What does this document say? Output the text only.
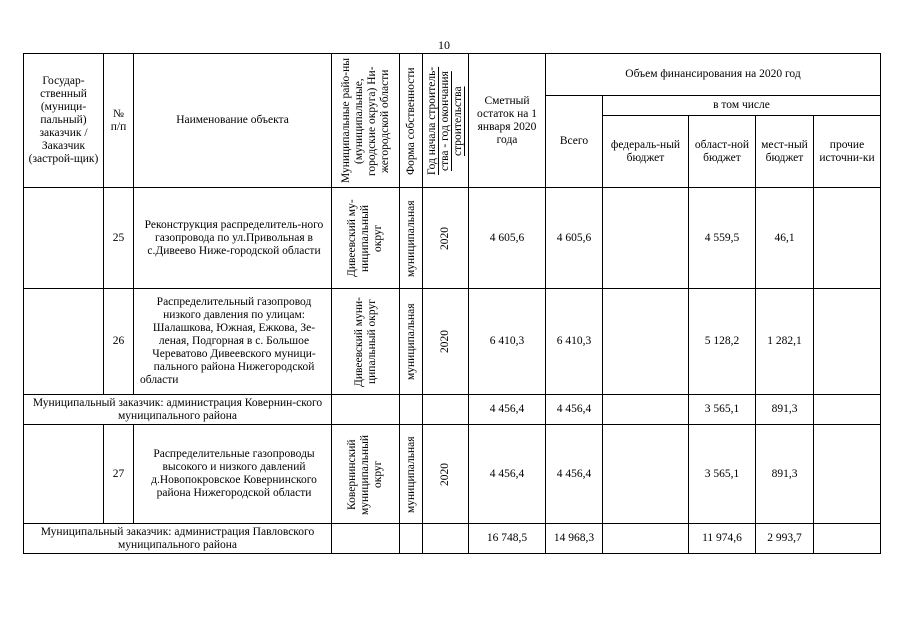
10
Государ-ственный (муници-пальный) заказчик / Заказчик (застрой-щик)	№ п/п	Наименование объекта	Муниципальные райо-ны (муниципальные, городские округа) Ни-жегородской области	Форма собственности	Год начала строитель-ства - год окончания строительства	Сметный остаток на 1 января 2020 года	Объем финансирования на 2020 год				
							Всего	в том числе			
								федераль-ный бюджет	област-ной бюджет	мест-ный бюджет	прочие источни-ки
	25	Реконструкция распределитель-ного газопровода по ул.Привольная в с.Дивеево Ниже-городской области	Дивеевский му-ниципальный округ	муниципальная	2020	4 605,6	4 605,6		4 559,5	46,1	
	26	Распределительный газопровод низкого давления по улицам: Шалашкова, Южная, Ежкова, Зе-леная, Подгорная в с. Большое Череватово Дивеевского муници-пального района Нижегородской области	Дивеевский муни-ципальный округ	муниципальная	2020	6 410,3	6 410,3		5 128,2	1 282,1	
Муниципальный заказчик: администрация Ковернин-ского муниципального района						4 456,4	4 456,4		3 565,1	891,3	
	27	Распределительные газопроводы высокого и низкого давлений д.Новопокровское Ковернинского района Нижегородской области	Ковернинский муниципальный округ	муниципальная	2020	4 456,4	4 456,4		3 565,1	891,3	
Муниципальный заказчик: администрация Павловского муниципального района						16 748,5	14 968,3		11 974,6	2 993,7	
